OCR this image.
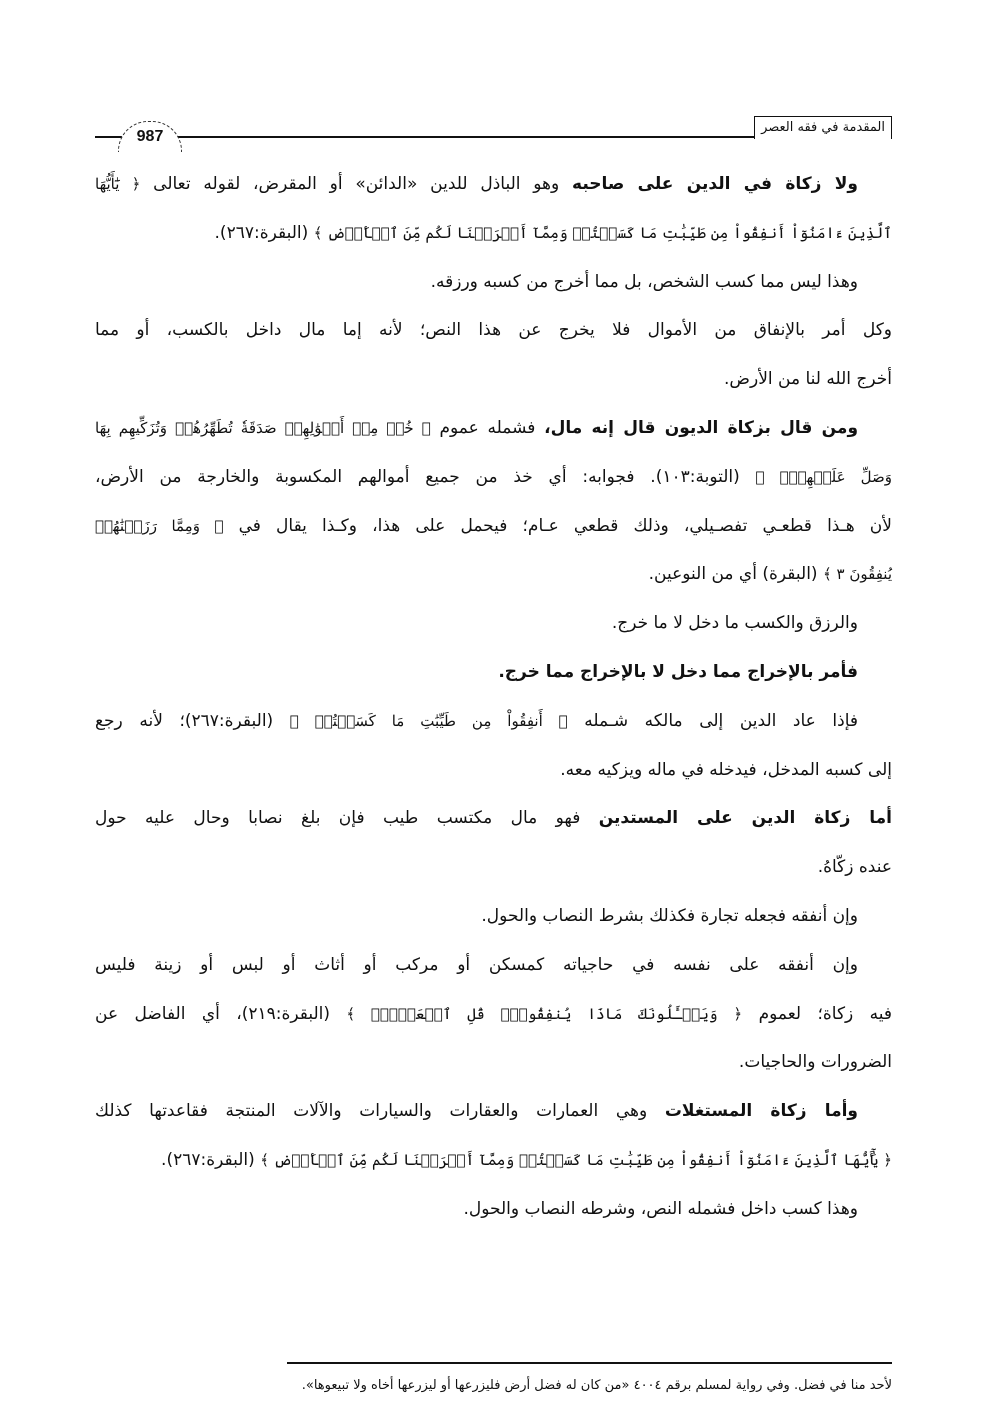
987
المقدمة في فقه العصر
ولا زكاة في الدين على صاحبه وهو الباذل للدين «الدائن» أو المقرض، لقوله تعالى ﴿ يَٰٓأَيُّهَا
ٱلَّذِينَ ءَامَنُوٓاْ أَنفِقُواْ مِن طَيِّبَٰتِ مَا كَسَبۡتُمۡ وَمِمَّآ أَخۡرَجۡنَا لَكُم مِّنَ ٱلۡأَرۡضِ ﴾ (البقرة:٢٦٧).
وهذا ليس مما كسب الشخص، بل مما أخرج من كسبه ورزقه.
وكل أمر بالإنفاق من الأموال فلا يخرج عن هذا النص؛ لأنه إما مال داخل بالكسب، أو مما
أخرج الله لنا من الأرض.
ومن قال بزكاة الديون قال إنه مال، فشمله عموم ﴿ خُذۡ مِنۡ أَمۡوَٰلِهِمۡ صَدَقَةٗ تُطَهِّرُهُمۡ وَتُزَكِّيهِم بِهَا
وَصَلِّ عَلَيۡهِمۡۖ ﴾ (التوبة:١٠٣). فجوابه: أي خذ من جميع أموالهم المكسوبة والخارجة من الأرض،
لأن هـذا قطعـي تفصـيلي، وذلك قطعي عـام؛ فيحمل على هذا، وكـذا يقال في ﴿ وَمِمَّا رَزَقۡنَٰهُمۡ
يُنفِقُونَ ٣ ﴾ (البقرة) أي من النوعين.
والرزق والكسب ما دخل لا ما خرج.
فأمر بالإخراج مما دخل لا بالإخراج مما خرج.
فإذا عاد الدين إلى مالكه شـمله ﴿ أَنفِقُواْ مِن طَيِّبَٰتِ مَا كَسَبۡتُمۡ ﴾ (البقرة:٢٦٧)؛ لأنه رجع
إلى كسبه المدخل، فيدخله في ماله ويزكيه معه.
أما زكاة الدين على المستدين فهو مال مكتسب طيب فإن بلغ نصابا وحال عليه حول
عنده زكّاهُ.
وإن أنفقه فجعله تجارة فكذلك بشرط النصاب والحول.
وإن أنفقه على نفسه في حاجياته كمسكن أو مركب أو أثاث أو لبس أو زينة فليس
فيه زكاة؛ لعموم ﴿ وَيَسۡـَٔلُونَكَ مَاذَا يُنفِقُونَۖ قُلِ ٱلۡعَفۡوَۗ ﴾ (البقرة:٢١٩)، أي الفاضل عن
الضرورات والحاجيات.
وأما زكاة المستغلات وهي العمارات والعقارات والسيارات والآلات المنتجة فقاعدتها كذلك
﴿ يَٰٓأَيُّهَا ٱلَّذِينَ ءَامَنُوٓاْ أَنفِقُواْ مِن طَيِّبَٰتِ مَا كَسَبۡتُمۡ وَمِمَّآ أَخۡرَجۡنَا لَكُم مِّنَ ٱلۡأَرۡضِ ﴾ (البقرة:٢٦٧).
وهذا كسب داخل فشمله النص، وشرطه النصاب والحول.
لأحد منا في فضل. وفي رواية لمسلم برقم ٤٠٠٤ «من كان له فضل أرض فليزرعها أو ليزرعها أخاه ولا تبيعوها».
